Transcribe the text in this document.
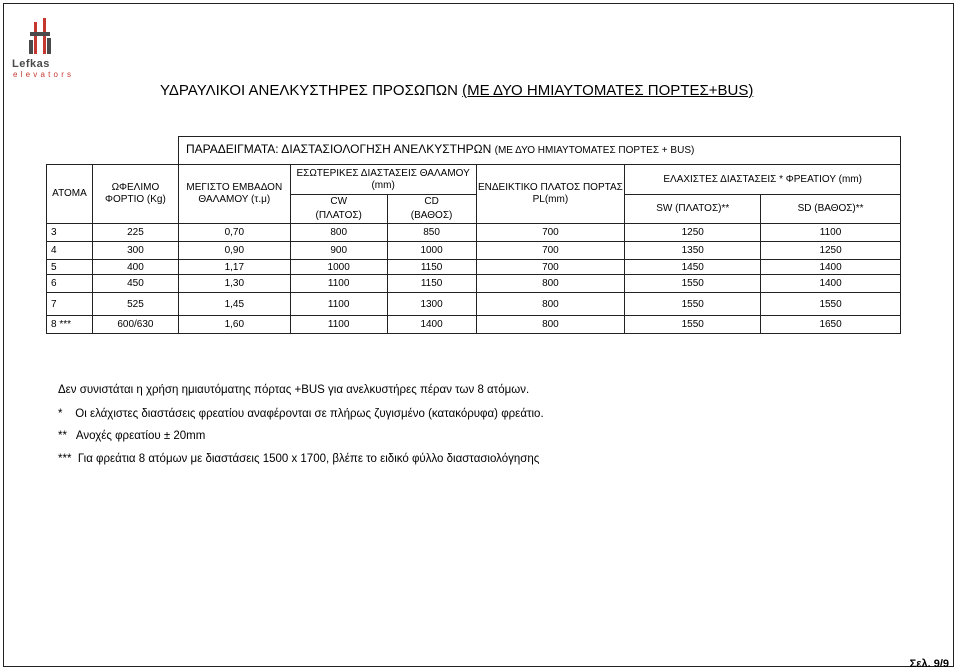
Lefkas
elevators
ΥΔΡΑΥΛΙΚΟΙ ΑΝΕΛΚΥΣΤΗΡΕΣ ΠΡΟΣΩΠΩΝ (ΜΕ ΔΥΟ ΗΜΙΑΥΤΟΜΑΤΕΣ ΠΟΡΤΕΣ+BUS)
ΠΑΡΑΔΕΙΓΜΑΤΑ: ΔΙΑΣΤΑΣΙΟΛΟΓΗΣΗ ΑΝΕΛΚΥΣΤΗΡΩΝ (ΜΕ ΔΥΟ ΗΜΙΑΥΤΟΜΑΤΕΣ ΠΟΡΤΕΣ + BUS)
ΑΤΟΜΑ	ΩΦΕΛΙΜΟ ΦΟΡΤΙΟ (Kg)	ΜΕΓΙΣΤΟ ΕΜΒΑΔΟΝ ΘΑΛΑΜΟΥ (τ.μ)	ΕΣΩΤΕΡΙΚΕΣ ΔΙΑΣΤΑΣΕΙΣ ΘΑΛΑΜΟΥ (mm)		ΕΝΔΕΙΚΤΙΚΟ ΠΛΑΤΟΣ ΠΟΡΤΑΣ PL(mm)	ΕΛΑΧΙΣΤΕΣ ΔΙΑΣΤΑΣΕΙΣ * ΦΡΕΑΤΙΟΥ (mm)	
			CW	CD		SW (ΠΛΑΤΟΣ)**	SD (ΒΑΘΟΣ)**
			(ΠΛΑΤΟΣ)	(ΒΑΘΟΣ)			
3	225	0,70	800	850	700	1250	1100
4	300	0,90	900	1000	700	1350	1250
5	400	1,17	1000	1150	700	1450	1400
6	450	1,30	1100	1150	800	1550	1400
7	525	1,45	1100	1300	800	1550	1550
8 ***	600/630	1,60	1100	1400	800	1550	1650
Δεν συνιστάται η χρήση ημιαυτόματης πόρτας +BUS για ανελκυστήρες πέραν των 8 ατόμων.
*    Οι ελάχιστες διαστάσεις φρεατίου αναφέρονται σε πλήρως ζυγισμένο (κατακόρυφα) φρεάτιο.
**   Ανοχές φρεατίου ± 20mm
***  Για φρεάτια 8 ατόμων με διαστάσεις 1500 x 1700, βλέπε το ειδικό φύλλο διαστασιολόγησης
Σελ. 9/9
